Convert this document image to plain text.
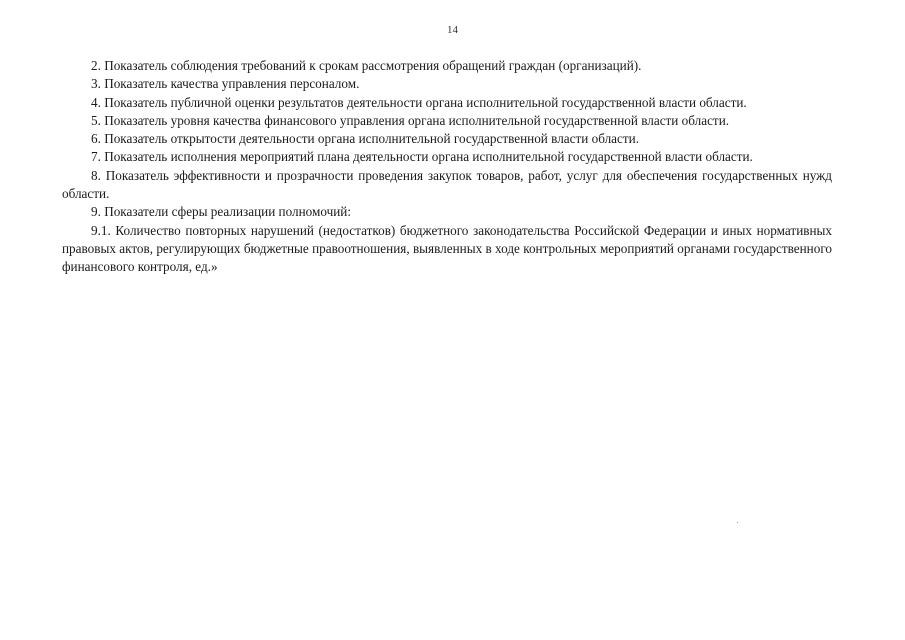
14

2. Показатель соблюдения требований к срокам рассмотрения обращений граждан (организаций).

3. Показатель качества управления персоналом.

4. Показатель публичной оценки результатов деятельности органа исполнительной государственной власти области.

5. Показатель уровня качества финансового управления органа исполнительной государственной власти области.

6. Показатель открытости деятельности органа исполнительной государственной власти области.

7. Показатель исполнения мероприятий плана деятельности органа исполнительной государственной власти области.

8. Показатель эффективности и прозрачности проведения закупок товаров, работ, услуг для обеспечения государственных нужд области.

9. Показатели сферы реализации полномочий:

9.1. Количество повторных нарушений (недостатков) бюджетного законодательства Российской Федерации и иных нормативных правовых актов, регулирующих бюджетные правоотношения, выявленных в ходе контрольных мероприятий органами государственного финансового контроля, ед.»
